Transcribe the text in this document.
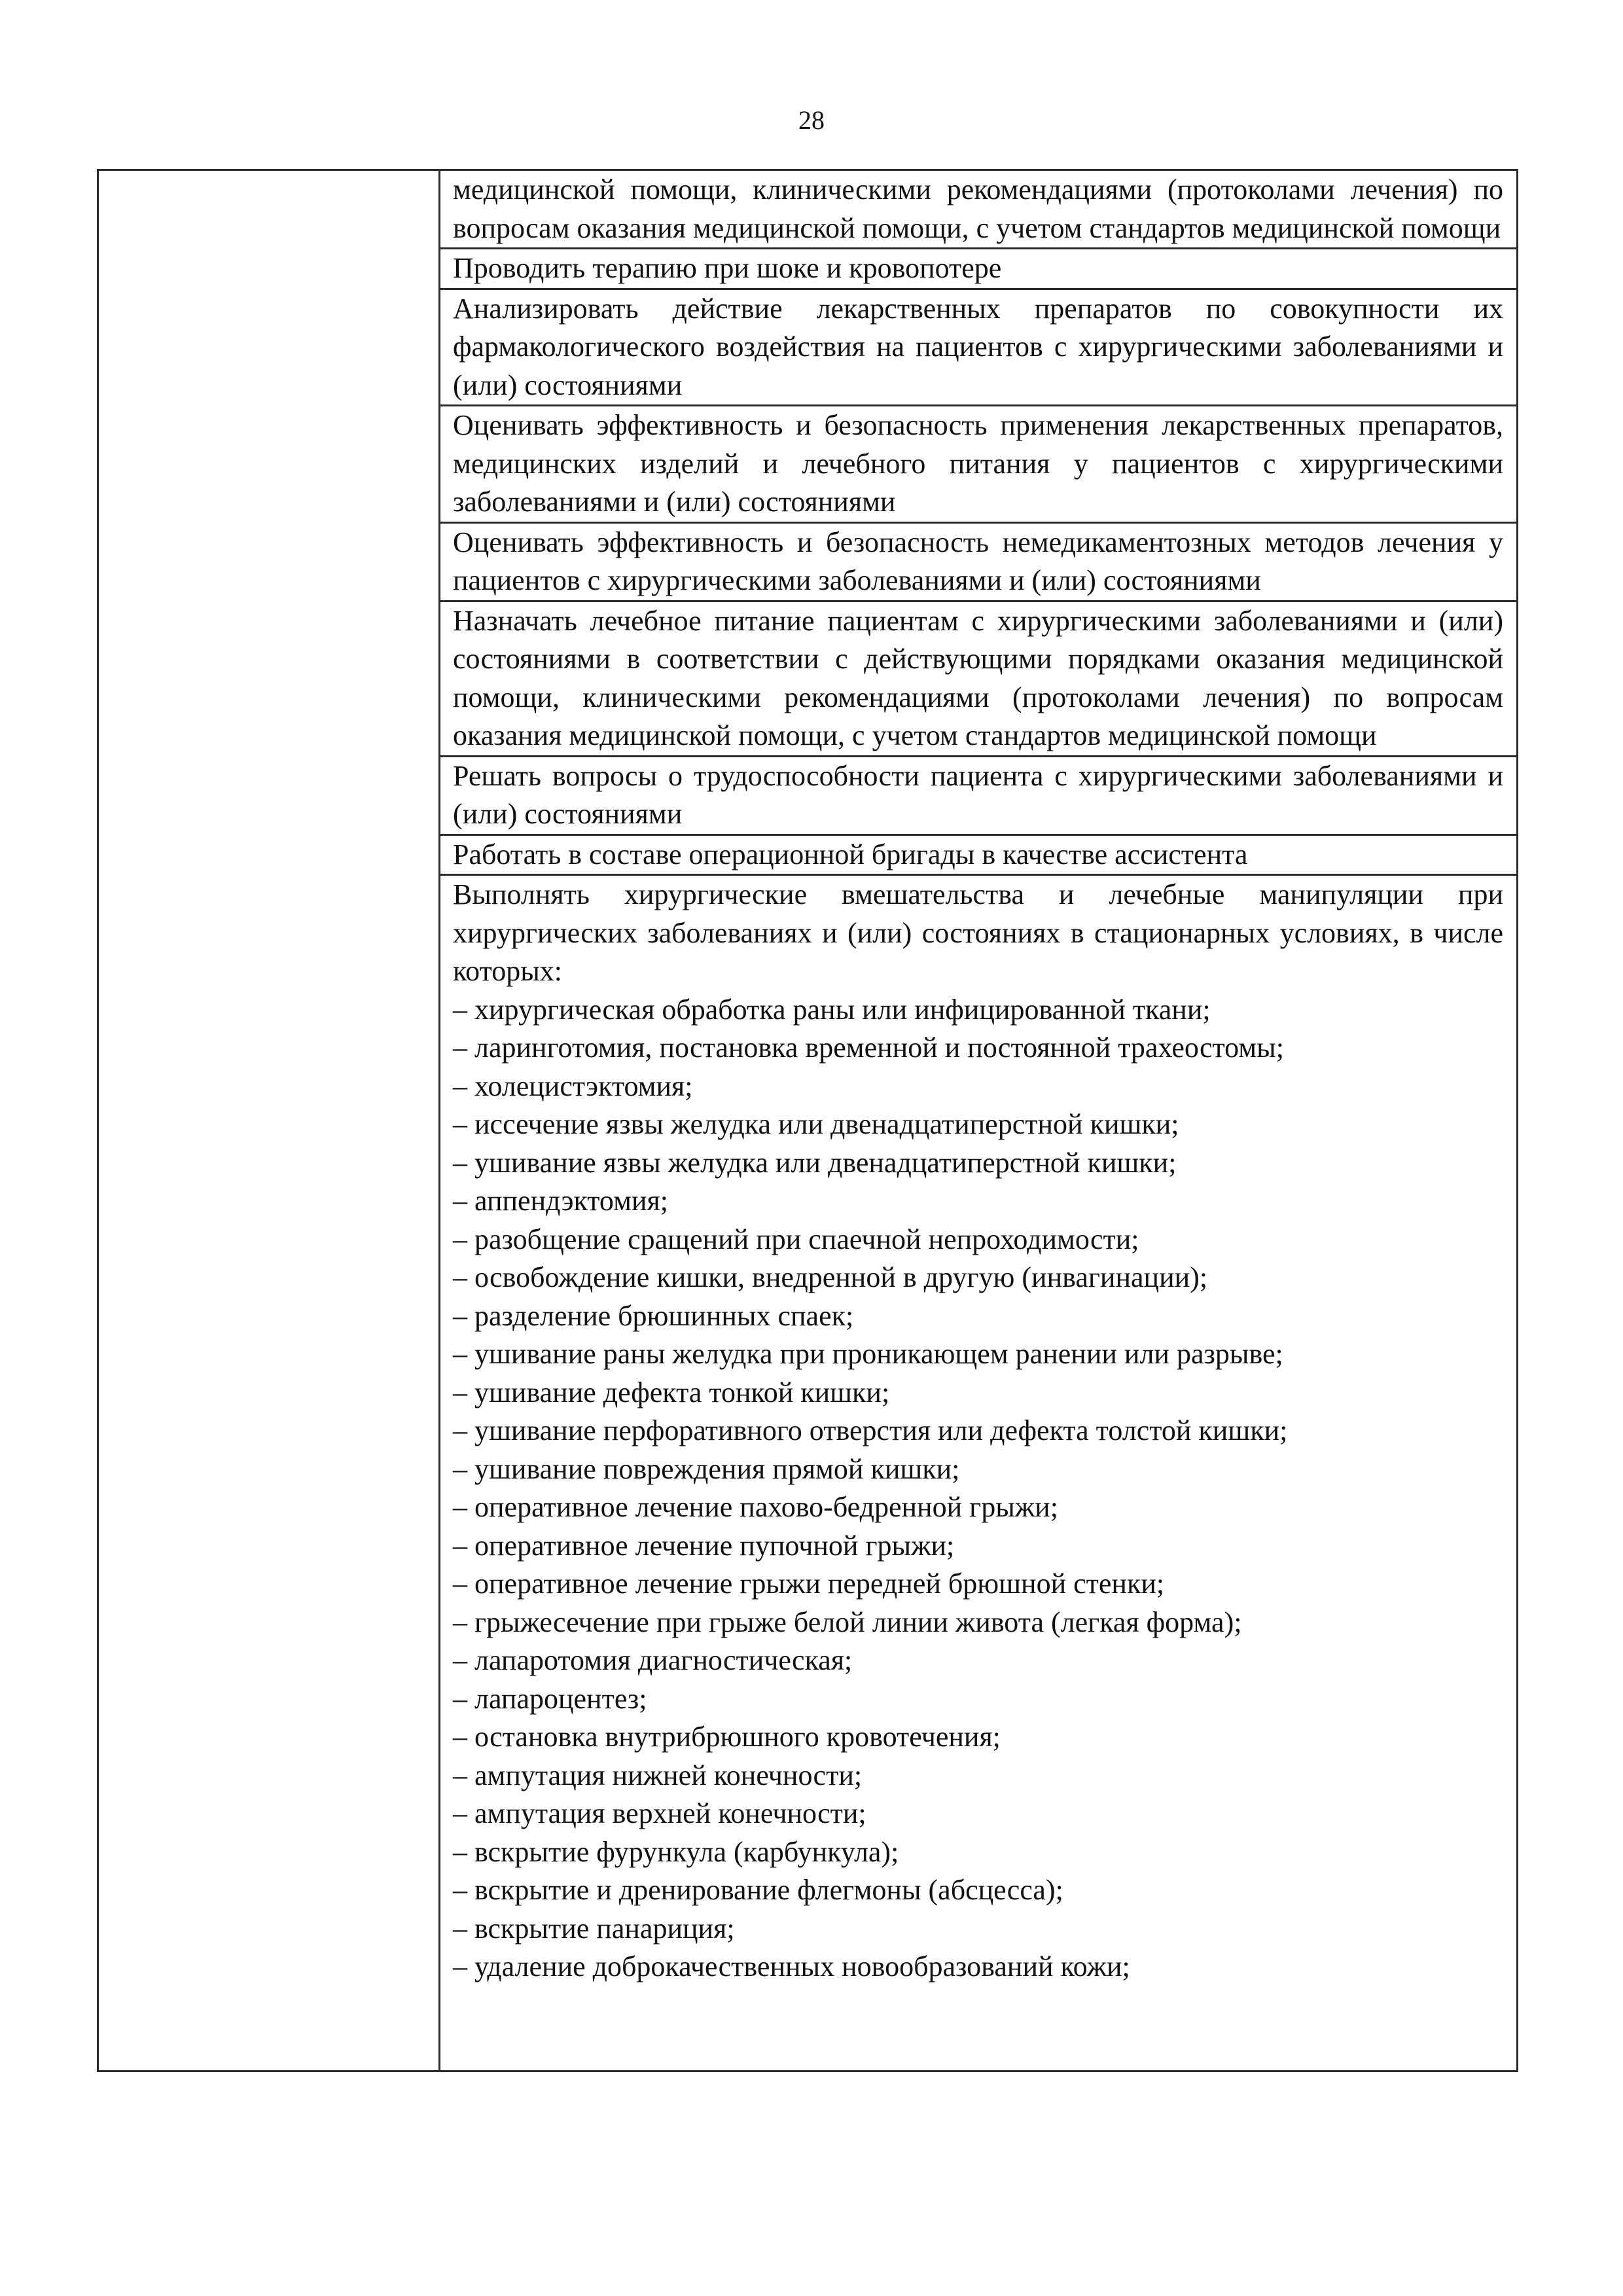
28
медицинской помощи, клиническими рекомендациями (протоколами лечения) по вопросам оказания медицинской помощи, с учетом стандартов медицинской помощи
Проводить терапию при шоке и кровопотере
Анализировать действие лекарственных препаратов по совокупности их фармакологического воздействия на пациентов с хирургическими заболеваниями и (или) состояниями
Оценивать эффективность и безопасность применения лекарственных препаратов, медицинских изделий и лечебного питания у пациентов с хирургическими заболеваниями и (или) состояниями
Оценивать эффективность и безопасность немедикаментозных методов лечения у пациентов с хирургическими заболеваниями и (или) состояниями
Назначать лечебное питание пациентам с хирургическими заболеваниями и (или) состояниями в соответствии с действующими порядками оказания медицинской помощи, клиническими рекомендациями (протоколами лечения) по вопросам оказания медицинской помощи, с учетом стандартов медицинской помощи
Решать вопросы о трудоспособности пациента с хирургическими заболеваниями и (или) состояниями
Работать в составе операционной бригады в качестве ассистента
Выполнять хирургические вмешательства и лечебные манипуляции при хирургических заболеваниях и (или) состояниях в стационарных условиях, в числе которых:
– хирургическая обработка раны или инфицированной ткани;
– ларинготомия, постановка временной и постоянной трахеостомы;
– холецистэктомия;
– иссечение язвы желудка или двенадцатиперстной кишки;
– ушивание язвы желудка или двенадцатиперстной кишки;
– аппендэктомия;
– разобщение сращений при спаечной непроходимости;
– освобождение кишки, внедренной в другую (инвагинации);
– разделение брюшинных спаек;
– ушивание раны желудка при проникающем ранении или разрыве;
– ушивание дефекта тонкой кишки;
– ушивание перфоративного отверстия или дефекта толстой кишки;
– ушивание повреждения прямой кишки;
– оперативное лечение пахово-бедренной грыжи;
– оперативное лечение пупочной грыжи;
– оперативное лечение грыжи передней брюшной стенки;
– грыжесечение при грыже белой линии живота (легкая форма);
– лапаротомия диагностическая;
– лапароцентез;
– остановка внутрибрюшного кровотечения;
– ампутация нижней конечности;
– ампутация верхней конечности;
– вскрытие фурункула (карбункула);
– вскрытие и дренирование флегмоны (абсцесса);
– вскрытие панариция;
– удаление доброкачественных новообразований кожи;
